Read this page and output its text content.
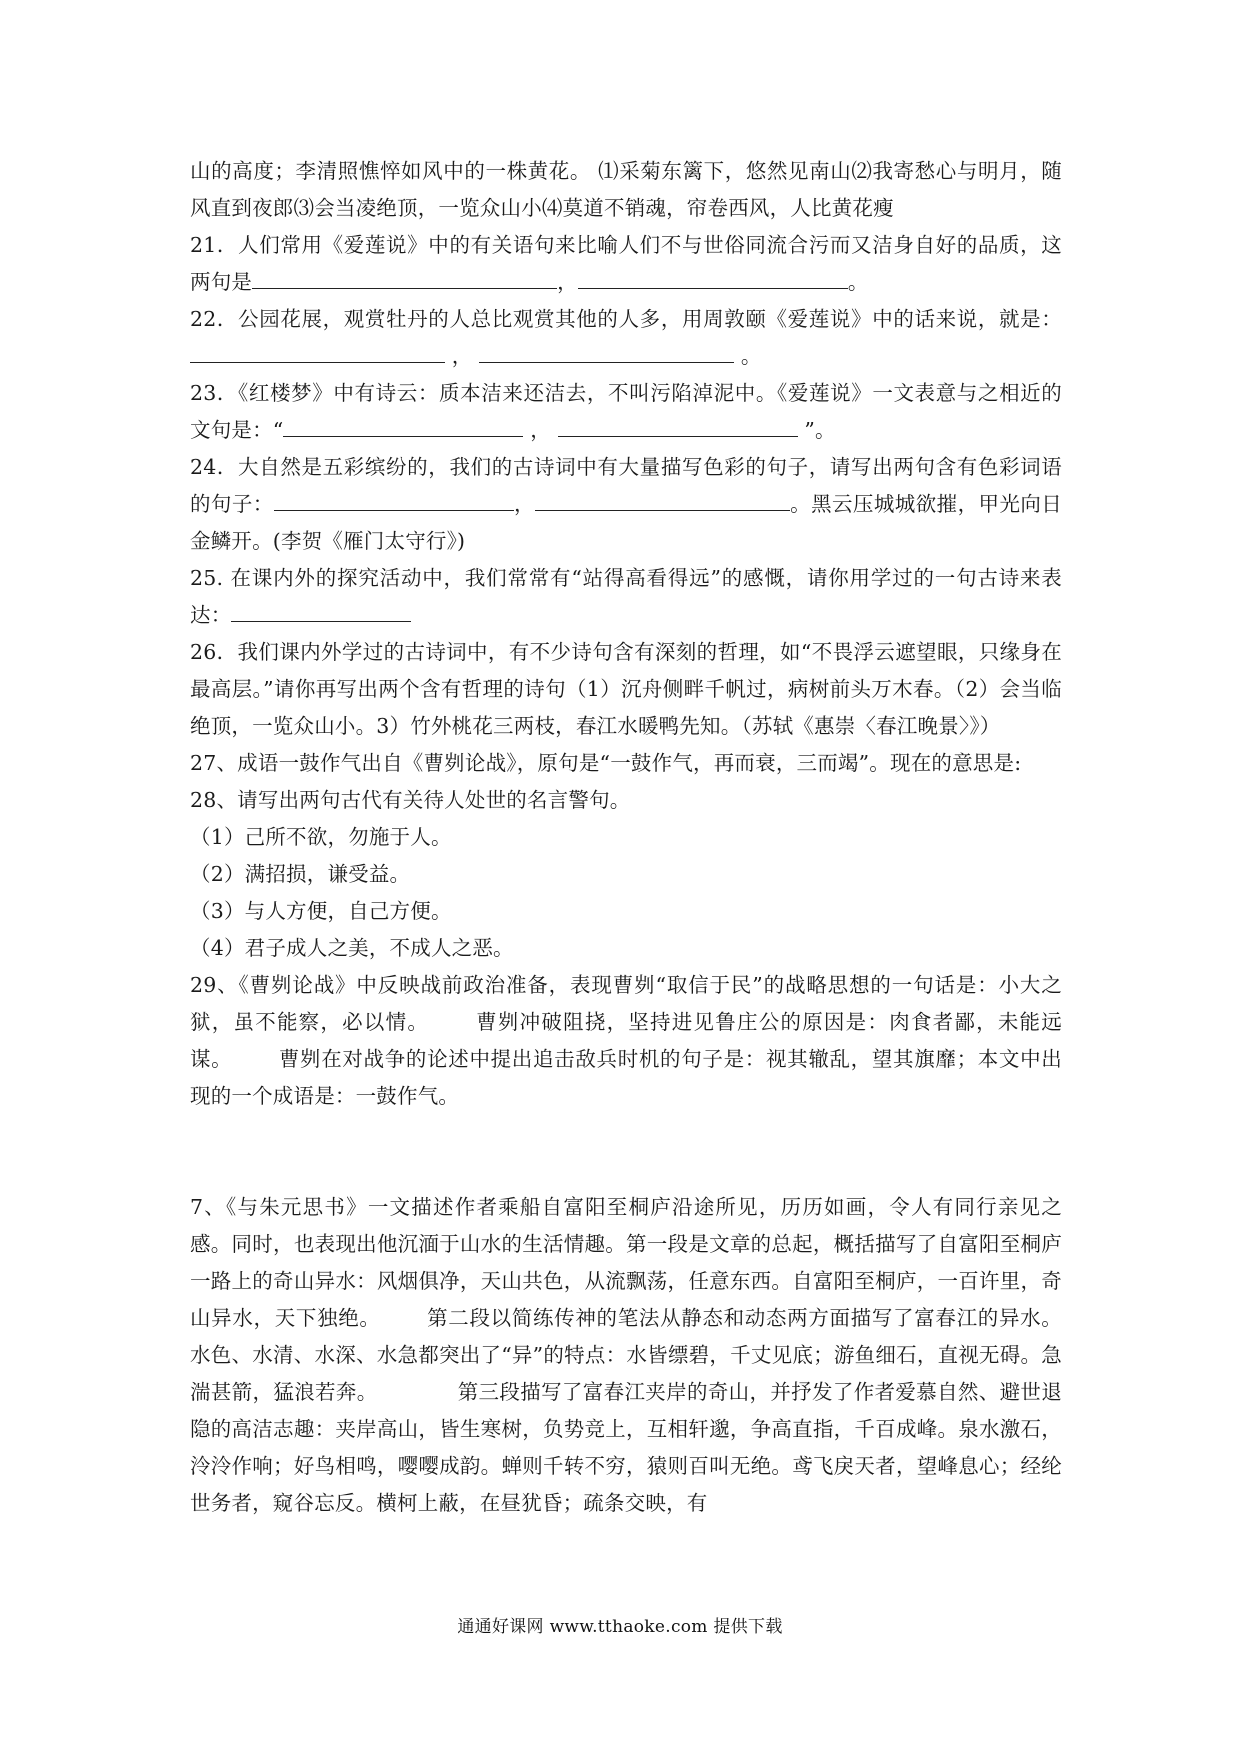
山的高度；李清照憔悴如风中的一株黄花。 ⑴采菊东篱下，悠然见南山⑵我寄愁心与明月，随风直到夜郎⑶会当凌绝顶，一览众山小⑷莫道不销魂，帘卷西风，人比黄花瘦

21．人们常用《爱莲说》中的有关语句来比喻人们不与世俗同流合污而又洁身自好的品质，这两句是	，	。

22．公园花展，观赏牡丹的人总比观赏其他的人多，用周敦颐《爱莲说》中的话来说，就是： ，	。

23．《红楼梦》中有诗云：质本洁来还洁去，不叫污陷淖泥中。《爱莲说》一文表意与之相近的文句是：“	，	”。

24．大自然是五彩缤纷的，我们的古诗词中有大量描写色彩的句子，请写出两句含有色彩词语的句子：	，	。黑云压城城欲摧，甲光向日金鳞开。(李贺《雁门太守行》)

25. 在课内外的探究活动中，我们常常有“站得高看得远”的感慨，请你用学过的一句古诗来表达：

26．我们课内外学过的古诗词中，有不少诗句含有深刻的哲理，如“不畏浮云遮望眼，只缘身在最高层。”请你再写出两个含有哲理的诗句（1）沉舟侧畔千帆过，病树前头万木春。（2）会当临绝顶，一览众山小。3）竹外桃花三两枝，春江水暖鸭先知。（苏轼《惠崇〈春江晚景〉》）

27、成语一鼓作气出自《曹刿论战》，原句是“一鼓作气，再而衰，三而竭”。现在的意思是:

28、请写出两句古代有关待人处世的名言警句。

（1）己所不欲，勿施于人。

（2）满招损，谦受益。

（3）与人方便，自己方便。

（4）君子成人之美，不成人之恶。

29、《曹刿论战》中反映战前政治准备，表现曹刿“取信于民”的战略思想的一句话是：小大之狱，虽不能察，必以情。 曹刿冲破阻挠，坚持进见鲁庄公的原因是：肉食者鄙，未能远谋。 曹刿在对战争的论述中提出追击敌兵时机的句子是：视其辙乱，望其旗靡；本文中出现的一个成语是：一鼓作气。

7、《与朱元思书》一文描述作者乘船自富阳至桐庐沿途所见，历历如画，令人有同行亲见之感。同时，也表现出他沉湎于山水的生活情趣。第一段是文章的总起，概括描写了自富阳至桐庐一路上的奇山异水：风烟俱净，天山共色，从流飘荡，任意东西。自富阳至桐庐，一百许里，奇山异水，天下独绝。 第二段以简练传神的笔法从静态和动态两方面描写了富春江的异水。水色、水清、水深、水急都突出了“异”的特点：水皆缥碧，千丈见底；游鱼细石，直视无碍。急湍甚箭，猛浪若奔。	第三段描写了富春江夹岸的奇山，并抒发了作者爱慕自然、避世退隐的高洁志趣：夹岸高山，皆生寒树，负势竞上，互相轩邈，争高直指，千百成峰。泉水激石，泠泠作响；好鸟相鸣，嘤嘤成韵。蝉则千转不穷，猿则百叫无绝。鸢飞戾天者，望峰息心；经纶世务者，窥谷忘反。横柯上蔽，在昼犹昏；疏条交映，有

通通好课网 www.tthaoke.com 提供下载
